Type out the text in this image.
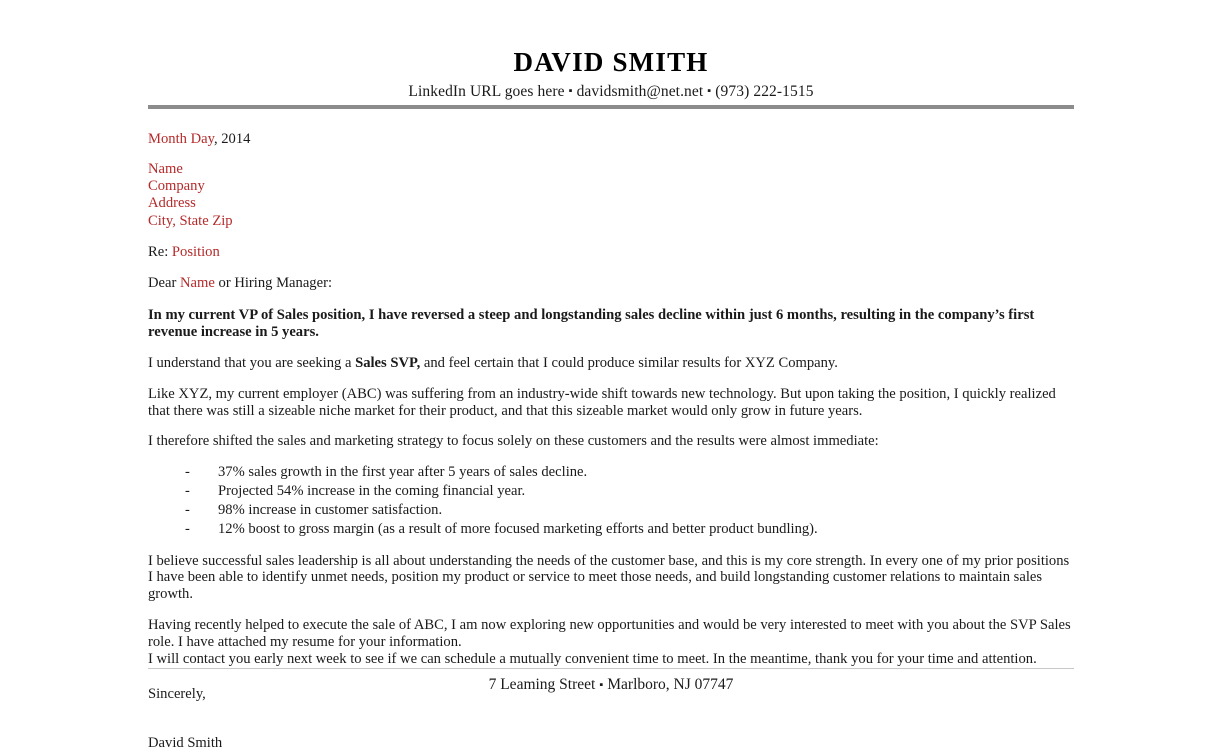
DAVID SMITH
LinkedIn URL goes here ▪ davidsmith@net.net ▪ (973) 222-1515
Month Day, 2014
Name
Company
Address
City, State Zip
Re: Position
Dear Name or Hiring Manager:

In my current VP of Sales position, I have reversed a steep and longstanding sales decline within just 6 months, resulting in the company’s first revenue increase in 5 years.

I understand that you are seeking a Sales SVP, and feel certain that I could produce similar results for XYZ Company.

Like XYZ, my current employer (ABC) was suffering from an industry-wide shift towards new technology. But upon taking the position, I quickly realized that there was still a sizeable niche market for their product, and that this sizeable market would only grow in future years.

I therefore shifted the sales and marketing strategy to focus solely on these customers and the results were almost immediate:

- 37% sales growth in the first year after 5 years of sales decline.
- Projected 54% increase in the coming financial year.
- 98% increase in customer satisfaction.
- 12% boost to gross margin (as a result of more focused marketing efforts and better product bundling).

I believe successful sales leadership is all about understanding the needs of the customer base, and this is my core strength. In every one of my prior positions I have been able to identify unmet needs, position my product or service to meet those needs, and build longstanding customer relations to maintain sales growth.

Having recently helped to execute the sale of ABC, I am now exploring new opportunities and would be very interested to meet with you about the SVP Sales role. I have attached my resume for your information.
I will contact you early next week to see if we can schedule a mutually convenient time to meet. In the meantime, thank you for your time and attention.

Sincerely,
David Smith
7 Leaming Street ▪ Marlboro, NJ 07747
